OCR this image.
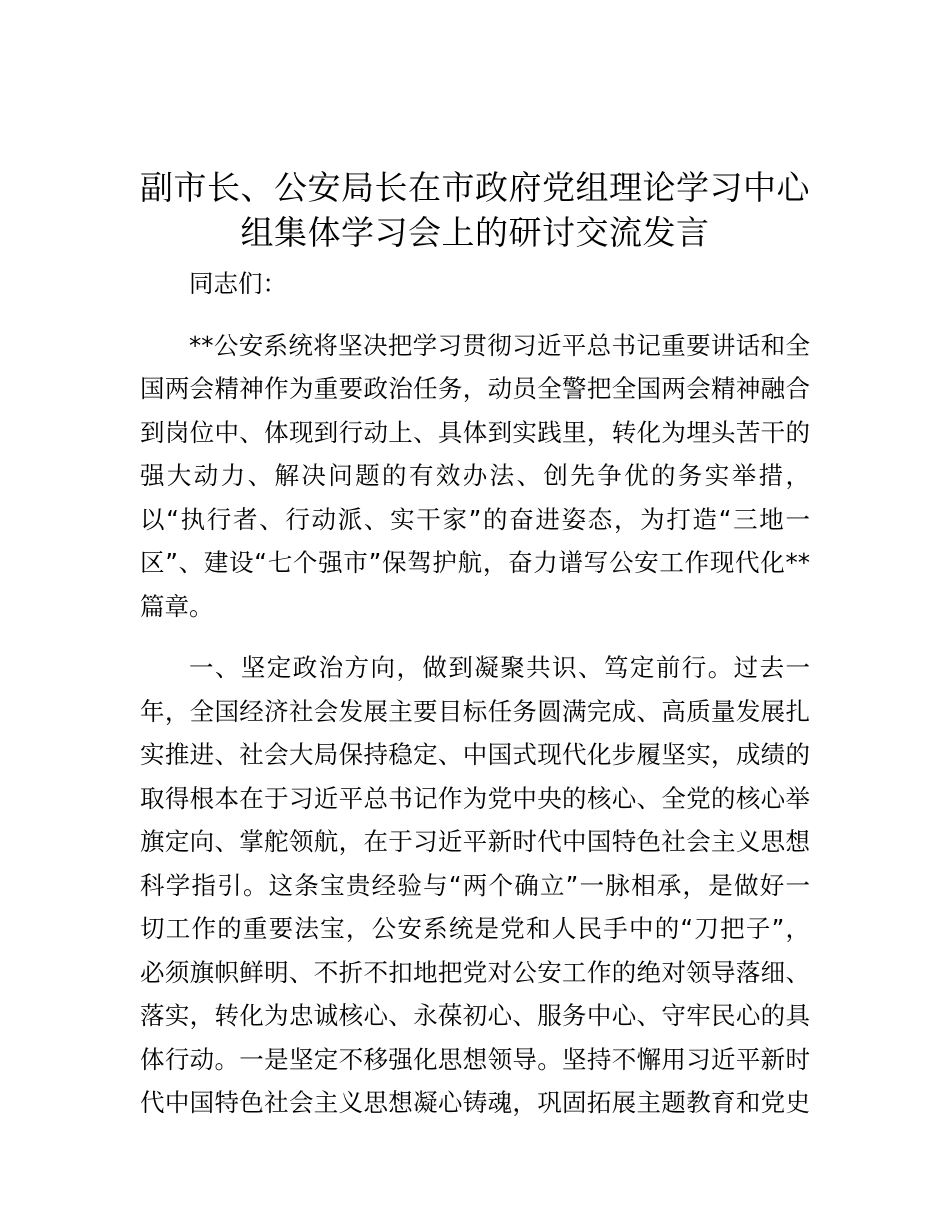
副市长、公安局长在市政府党组理论学习中心
组集体学习会上的研讨交流发言
同志们：
**公安系统将坚决把学习贯彻习近平总书记重要讲话和全
国两会精神作为重要政治任务，动员全警把全国两会精神融合
到岗位中、体现到行动上、具体到实践里，转化为埋头苦干的
强大动力、解决问题的有效办法、创先争优的务实举措，
以“执行者、行动派、实干家”的奋进姿态，为打造“三地一
区”、建设“七个强市”保驾护航，奋力谱写公安工作现代化**
篇章。
一、坚定政治方向，做到凝聚共识、笃定前行。过去一
年，全国经济社会发展主要目标任务圆满完成、高质量发展扎
实推进、社会大局保持稳定、中国式现代化步履坚实，成绩的
取得根本在于习近平总书记作为党中央的核心、全党的核心举
旗定向、掌舵领航，在于习近平新时代中国特色社会主义思想
科学指引。这条宝贵经验与“两个确立”一脉相承，是做好一
切工作的重要法宝，公安系统是党和人民手中的“刀把子”，
必须旗帜鲜明、不折不扣地把党对公安工作的绝对领导落细、
落实，转化为忠诚核心、永葆初心、服务中心、守牢民心的具
体行动。一是坚定不移强化思想领导。坚持不懈用习近平新时
代中国特色社会主义思想凝心铸魂，巩固拓展主题教育和党史
